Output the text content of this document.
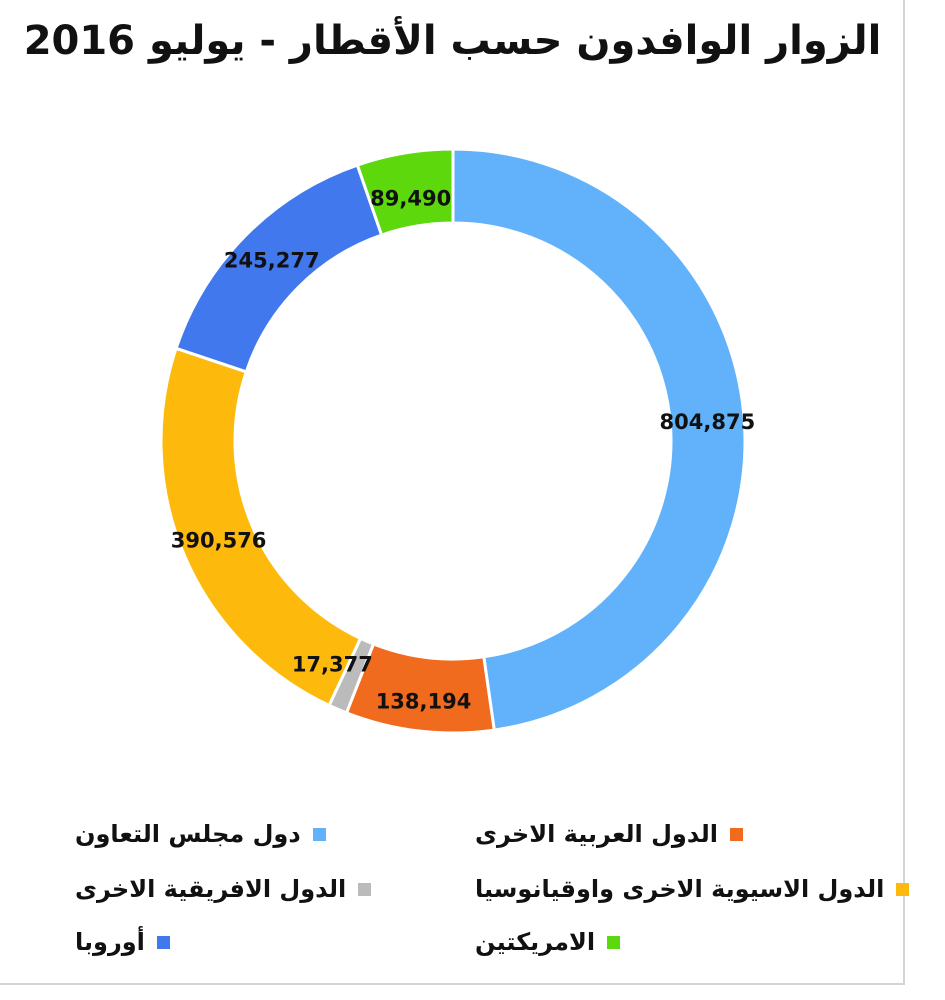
الزوار الوافدون حسب الأقطار - يوليو 2016
804,875
138,194
17,377
390,576
245,277
89,490
دول مجلس التعاون	الدول العربية الاخرى
الدول الافريقية الاخرى	الدول الاسيوية الاخرى واوقيانوسيا
أوروبا	الامريكتين
